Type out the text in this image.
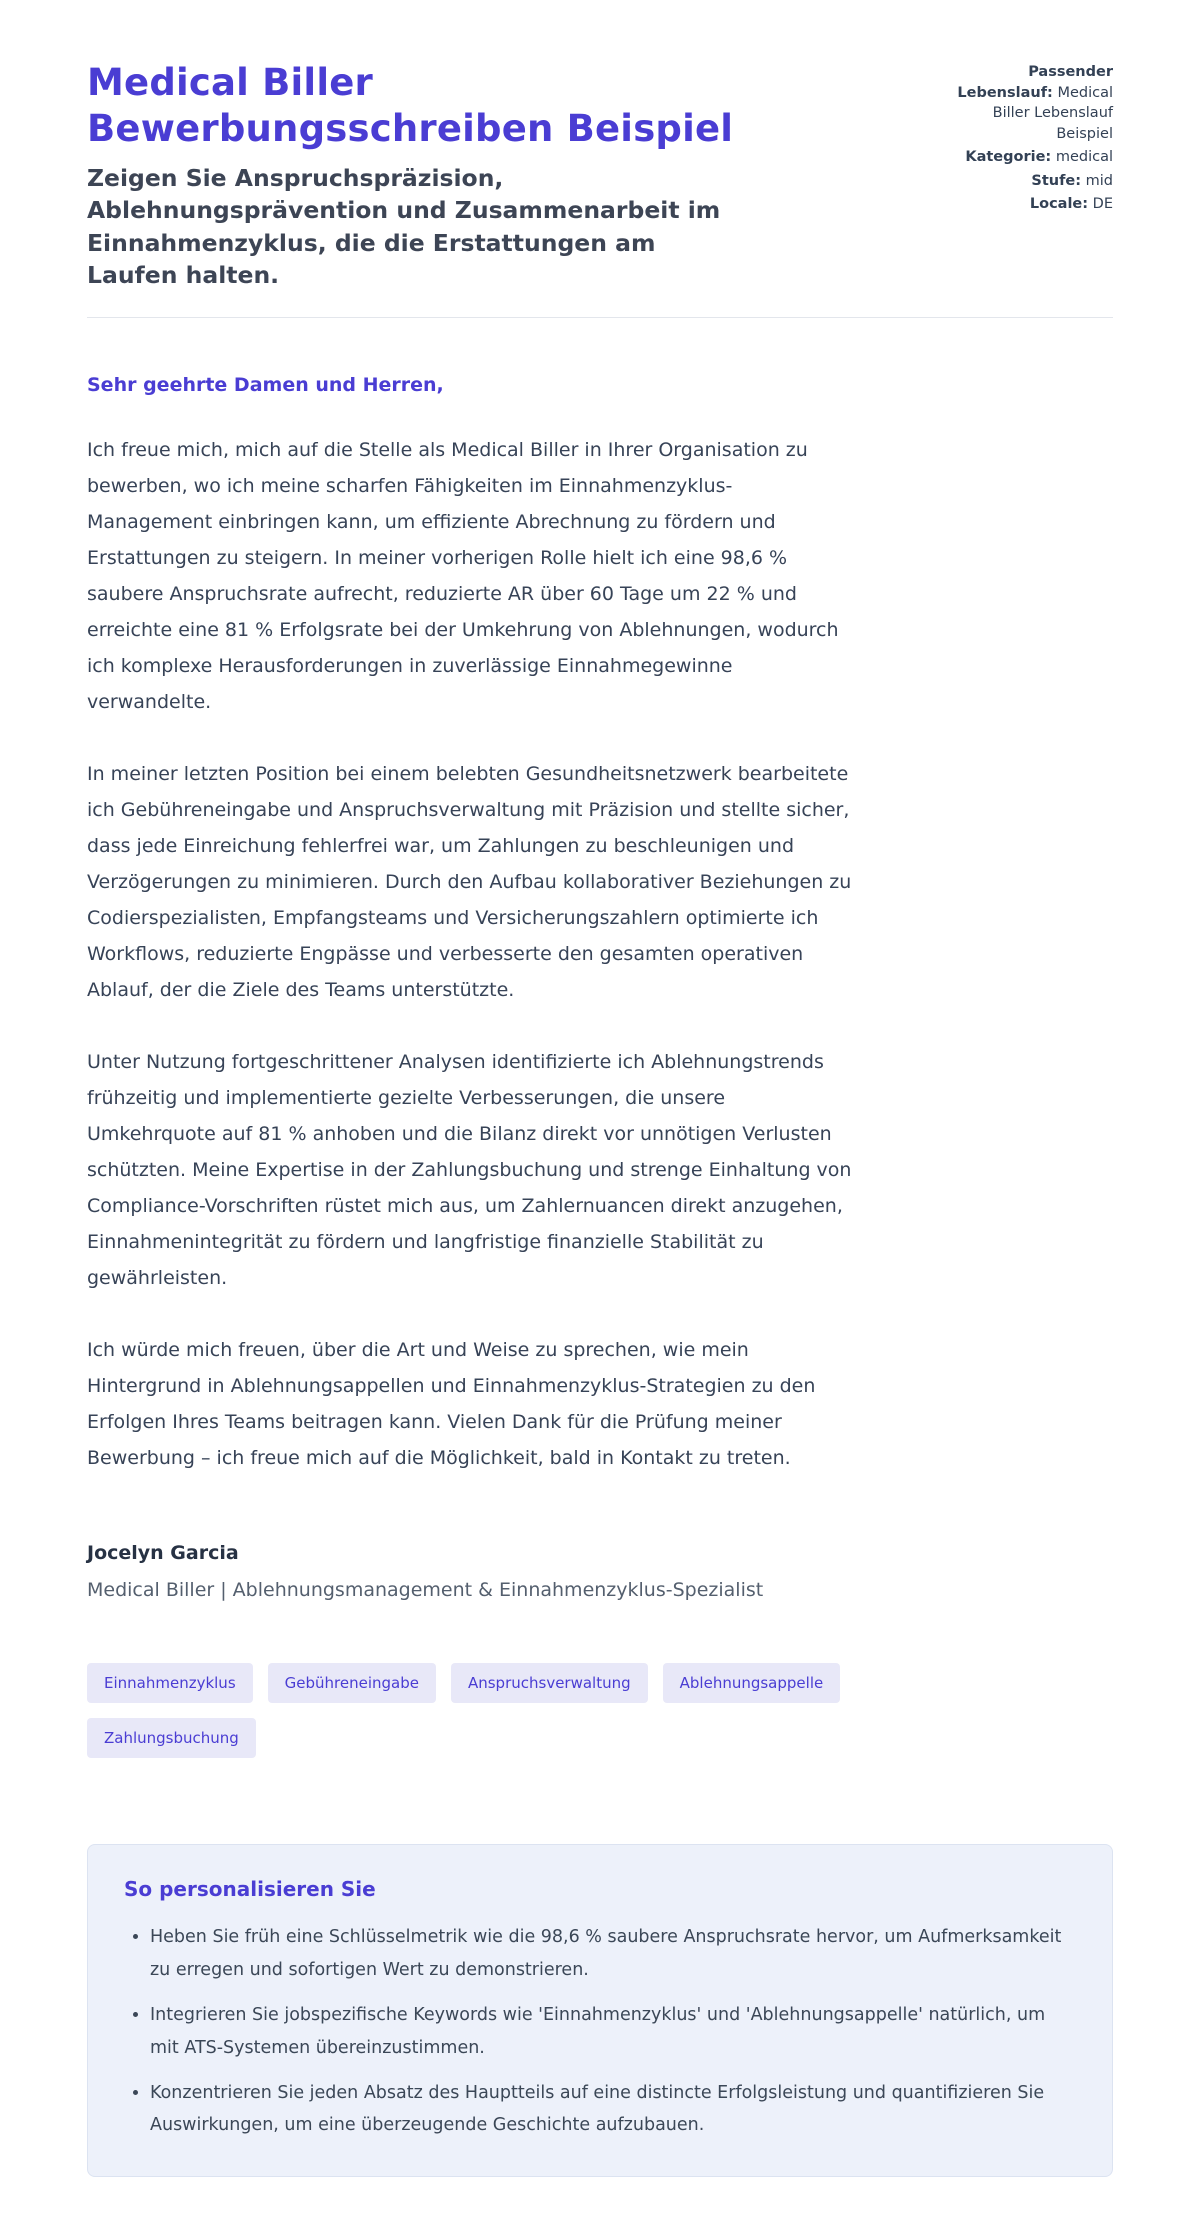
Medical Biller Bewerbungsschreiben Beispiel
Zeigen Sie Anspruchspräzision, Ablehnungsprävention und Zusammenarbeit im Einnahmenzyklus, die die Erstattungen am Laufen halten.
Passender Lebenslauf: Medical Biller Lebenslauf Beispiel
Kategorie: medical
Stufe: mid
Locale: DE
Sehr geehrte Damen und Herren,

Ich freue mich, mich auf die Stelle als Medical Biller in Ihrer Organisation zu bewerben, wo ich meine scharfen Fähigkeiten im Einnahmenzyklus-Management einbringen kann, um effiziente Abrechnung zu fördern und Erstattungen zu steigern. In meiner vorherigen Rolle hielt ich eine 98,6 % saubere Anspruchsrate aufrecht, reduzierte AR über 60 Tage um 22 % und erreichte eine 81 % Erfolgsrate bei der Umkehrung von Ablehnungen, wodurch ich komplexe Herausforderungen in zuverlässige Einnahmegewinne verwandelte.

In meiner letzten Position bei einem belebten Gesundheitsnetzwerk bearbeitete ich Gebühreneingabe und Anspruchsverwaltung mit Präzision und stellte sicher, dass jede Einreichung fehlerfrei war, um Zahlungen zu beschleunigen und Verzögerungen zu minimieren. Durch den Aufbau kollaborativer Beziehungen zu Codierspezialisten, Empfangsteams und Versicherungszahlern optimierte ich Workflows, reduzierte Engpässe und verbesserte den gesamten operativen Ablauf, der die Ziele des Teams unterstützte.

Unter Nutzung fortgeschrittener Analysen identifizierte ich Ablehnungstrends frühzeitig und implementierte gezielte Verbesserungen, die unsere Umkehrquote auf 81 % anhoben und die Bilanz direkt vor unnötigen Verlusten schützten. Meine Expertise in der Zahlungsbuchung und strenge Einhaltung von Compliance-Vorschriften rüstet mich aus, um Zahlernuancen direkt anzugehen, Einnahmenintegrität zu fördern und langfristige finanzielle Stabilität zu gewährleisten.

Ich würde mich freuen, über die Art und Weise zu sprechen, wie mein Hintergrund in Ablehnungsappellen und Einnahmenzyklus-Strategien zu den Erfolgen Ihres Teams beitragen kann. Vielen Dank für die Prüfung meiner Bewerbung – ich freue mich auf die Möglichkeit, bald in Kontakt zu treten.

Jocelyn Garcia
Medical Biller | Ablehnungsmanagement & Einnahmenzyklus-Spezialist
Einnahmenzyklus	Gebühreneingabe	Anspruchsverwaltung	Ablehnungsappelle
Zahlungsbuchung
So personalisieren Sie
• Heben Sie früh eine Schlüsselmetrik wie die 98,6 % saubere Anspruchsrate hervor, um Aufmerksamkeit zu erregen und sofortigen Wert zu demonstrieren.
• Integrieren Sie jobspezifische Keywords wie 'Einnahmenzyklus' und 'Ablehnungsappelle' natürlich, um mit ATS-Systemen übereinzustimmen.
• Konzentrieren Sie jeden Absatz des Hauptteils auf eine distincte Erfolgsleistung und quantifizieren Sie Auswirkungen, um eine überzeugende Geschichte aufzubauen.
